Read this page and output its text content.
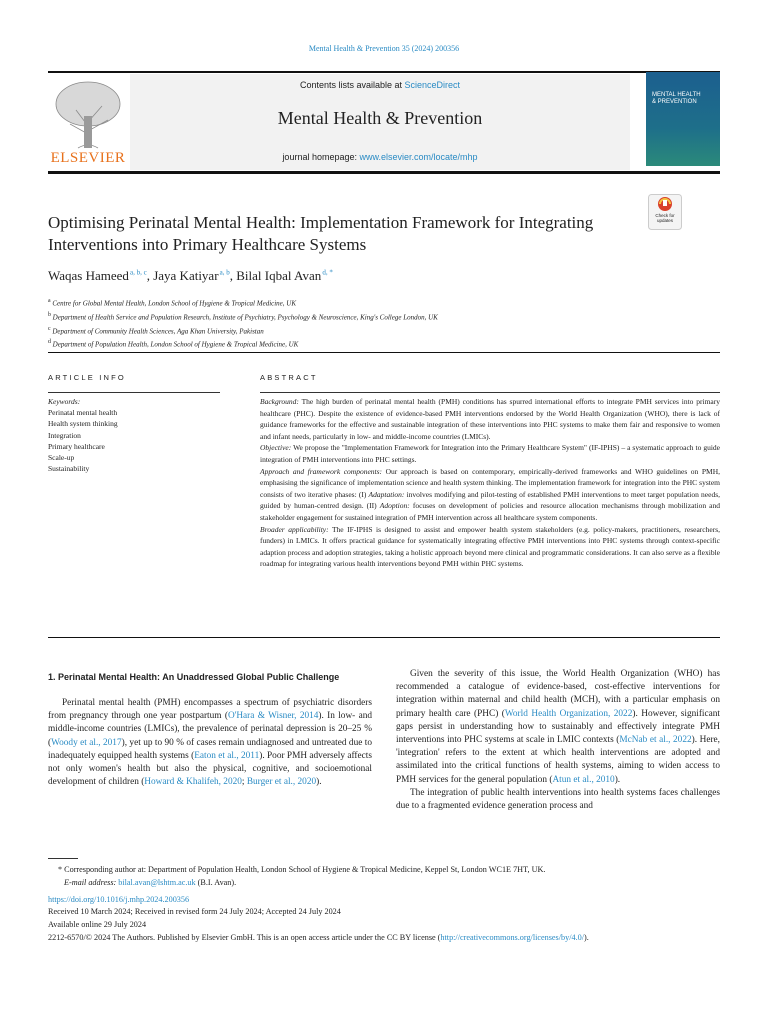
Mental Health & Prevention 35 (2024) 200356
ELSEVIER
Contents lists available at ScienceDirect
Mental Health & Prevention
journal homepage: www.elsevier.com/locate/mhp
MENTAL HEALTH
& PREVENTION
Check for updates
Optimising Perinatal Mental Health: Implementation Framework for Integrating Interventions into Primary Healthcare Systems
Waqas Hameed $^{a, b, c}$, Jaya Katiyar $^{a, b}$, Bilal Iqbal Avan $^{d, *}$
$^a$ Centre for Global Mental Health, London School of Hygiene & Tropical Medicine, UK
$^b$ Department of Health Service and Population Research, Institute of Psychiatry, Psychology & Neuroscience, King's College London, UK
$^c$ Department of Community Health Sciences, Aga Khan University, Pakistan
$^d$ Department of Population Health, London School of Hygiene & Tropical Medicine, UK
ARTICLE INFO	ABSTRACT
Keywords:
Perinatal mental health
Health system thinking
Integration
Primary healthcare
Scale-up
Sustainability

Background: The high burden of perinatal mental health (PMH) conditions has spurred international efforts to integrate PMH services into primary healthcare (PHC). Despite the existence of evidence-based PMH interventions endorsed by the World Health Organization (WHO), there is lack of guidance frameworks for the effective and sustainable integration of these interventions into PHC systems to make them fair and responsive to women and infant needs, particularly in low- and middle-income countries (LMICs).

Objective: We propose the "Implementation Framework for Integration into the Primary Healthcare System" (IF-IPHS) – a systematic approach to guide integration of PMH interventions into PHC settings.

Approach and framework components: Our approach is based on contemporary, empirically-derived frameworks and WHO guidelines on PMH, emphasising the significance of implementation science and health system thinking. The implementation framework for integration into the PHC system consists of two iterative phases: (I) Adaptation: involves modifying and pilot-testing of established PMH interventions to meet target population needs, guided by human-centred design. (II) Adoption: focuses on development of policies and resource allocation mechanisms through mobilization and stakeholder engagement for sustained integration of PMH intervention across all healthcare system components.

Broader applicability: The IF-IPHS is designed to assist and empower health system stakeholders (e.g. policy-makers, practitioners, researchers, funders) in LMICs. It offers practical guidance for systematically integrating effective PMH interventions into PHC systems through context-specific adaption process and adoption strategies, taking a holistic approach beyond mere clinical and programmatic considerations. It can also serve as a flexible roadmap for integrating various health interventions beyond PMH within PHC systems.

1. Perinatal Mental Health: An Unaddressed Global Public Challenge

Perinatal mental health (PMH) encompasses a spectrum of psychiatric disorders from pregnancy through one year postpartum (O'Hara & Wisner, 2014). In low- and middle-income countries (LMICs), the prevalence of perinatal depression is 20–25 % (Woody et al., 2017), yet up to 90 % of cases remain undiagnosed and untreated due to inadequately equipped health systems (Eaton et al., 2011). Poor PMH adversely affects not only women's health but also the physical, cognitive, and socioemotional development of children (Howard & Khalifeh, 2020; Burger et al., 2020).

Given the severity of this issue, the World Health Organization (WHO) has recommended a catalogue of evidence-based, cost-effective interventions for integration within maternal and child health (MCH), with a particular emphasis on primary health care (PHC) (World Health Organization, 2022). However, significant gaps persist in understanding how to sustainably and effectively integrate PMH interventions into PHC systems at scale in LMIC contexts (McNab et al., 2022). Here, 'integration' refers to the extent at which health interventions are adopted and assimilated into the critical functions of health systems, aiming to widen access to PMH services for the general population (Atun et al., 2010).

The integration of public health interventions into health systems faces challenges due to a fragmented evidence generation process and

* Corresponding author at: Department of Population Health, London School of Hygiene & Tropical Medicine, Keppel St, London WC1E 7HT, UK.

E-mail address: bilal.avan@lshtm.ac.uk (B.I. Avan).

https://doi.org/10.1016/j.mhp.2024.200356

Received 10 March 2024; Received in revised form 24 July 2024; Accepted 24 July 2024

Available online 29 July 2024

2212-6570/© 2024 The Authors. Published by Elsevier GmbH. This is an open access article under the CC BY license (http://creativecommons.org/licenses/by/4.0/).
